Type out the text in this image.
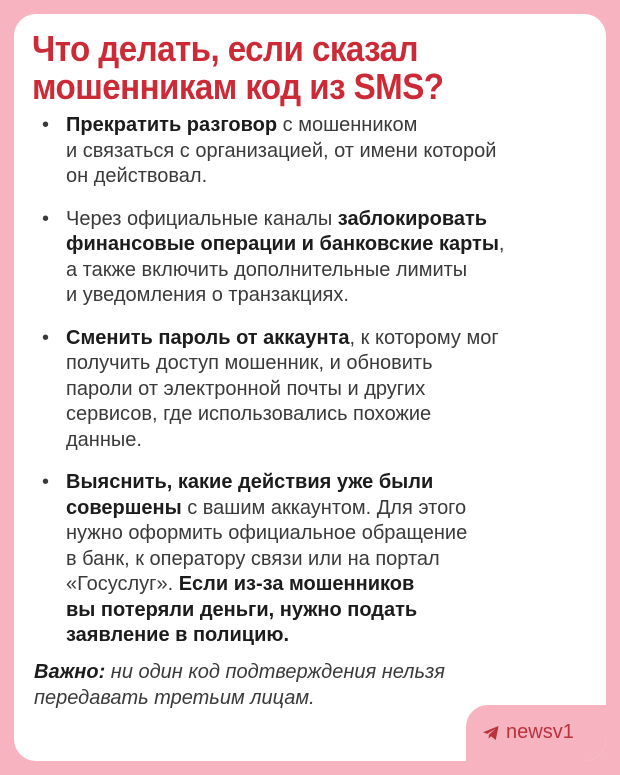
Что делать, если сказал мошенникам код из SMS?
• Прекратить разговор с мошенником
и связаться с организацией, от имени которой
он действовал.
• Через официальные каналы заблокировать
финансовые операции и банковские карты,
а также включить дополнительные лимиты
и уведомления о транзакциях.
• Сменить пароль от аккаунта, к которому мог
получить доступ мошенник, и обновить
пароли от электронной почты и других
сервисов, где использовались похожие
данные.
• Выяснить, какие действия уже были
совершены с вашим аккаунтом. Для этого
нужно оформить официальное обращение
в банк, к оператору связи или на портал
«Госуслуг». Если из-за мошенников
вы потеряли деньги, нужно подать
заявление в полицию.

Важно: ни один код подтверждения нельзя
передавать третьим лицам.

newsv1
